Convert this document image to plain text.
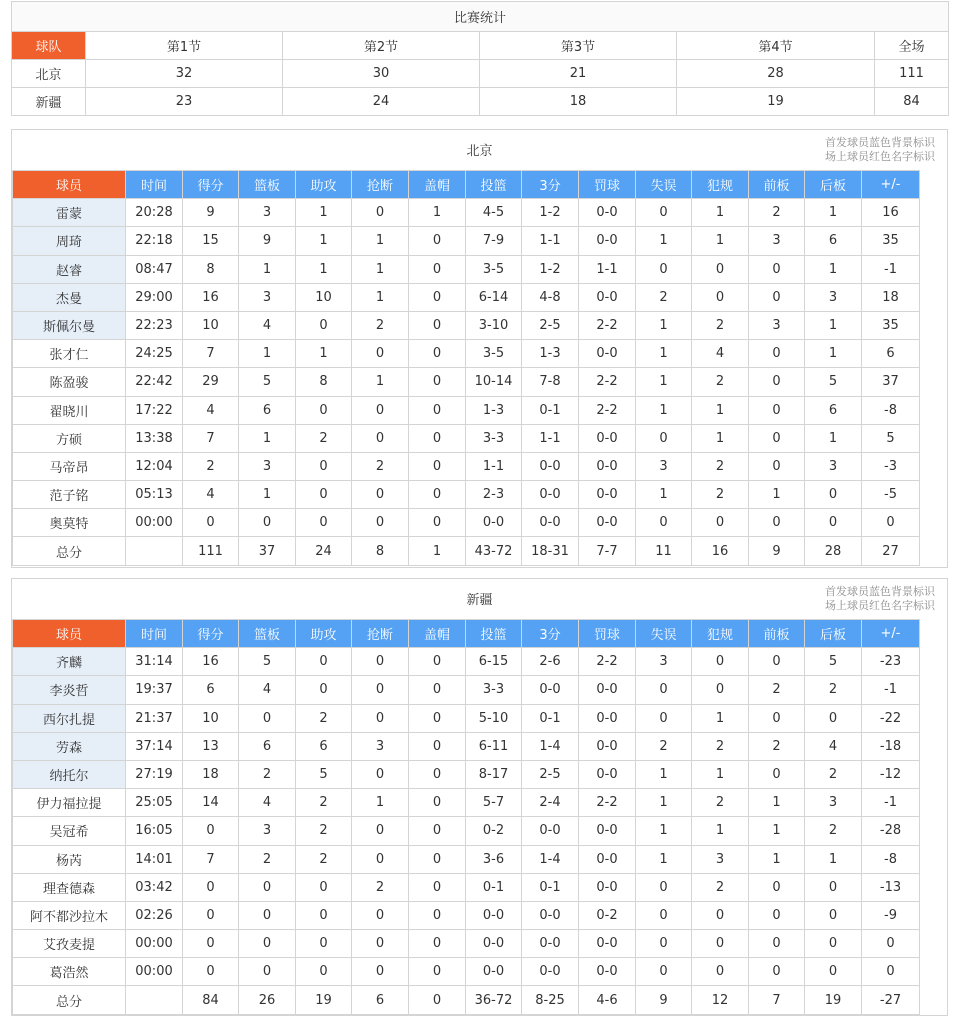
比赛统计					
球队	第1节	第2节	第3节	第4节	全场
北京	32	30	21	28	111
新疆	23	24	18	19	84
北京
首发球员蓝色背景标识
场上球员红色名字标识
球员	时间	得分	篮板	助攻	抢断	盖帽	投篮	3分	罚球	失误	犯规	前板	后板	+/-
雷蒙	20:28	9	3	1	0	1	4-5	1-2	0-0	0	1	2	1	16
周琦	22:18	15	9	1	1	0	7-9	1-1	0-0	1	1	3	6	35
赵睿	08:47	8	1	1	1	0	3-5	1-2	1-1	0	0	0	1	-1
杰曼	29:00	16	3	10	1	0	6-14	4-8	0-0	2	0	0	3	18
斯佩尔曼	22:23	10	4	0	2	0	3-10	2-5	2-2	1	2	3	1	35
张才仁	24:25	7	1	1	0	0	3-5	1-3	0-0	1	4	0	1	6
陈盈骏	22:42	29	5	8	1	0	10-14	7-8	2-2	1	2	0	5	37
翟晓川	17:22	4	6	0	0	0	1-3	0-1	2-2	1	1	0	6	-8
方硕	13:38	7	1	2	0	0	3-3	1-1	0-0	0	1	0	1	5
马帝昂	12:04	2	3	0	2	0	1-1	0-0	0-0	3	2	0	3	-3
范子铭	05:13	4	1	0	0	0	2-3	0-0	0-0	1	2	1	0	-5
奥莫特	00:00	0	0	0	0	0	0-0	0-0	0-0	0	0	0	0	0
总分		111	37	24	8	1	43-72	18-31	7-7	11	16	9	28	27
新疆
首发球员蓝色背景标识
场上球员红色名字标识
球员	时间	得分	篮板	助攻	抢断	盖帽	投篮	3分	罚球	失误	犯规	前板	后板	+/-
齐麟	31:14	16	5	0	0	0	6-15	2-6	2-2	3	0	0	5	-23
李炎哲	19:37	6	4	0	0	0	3-3	0-0	0-0	0	0	2	2	-1
西尔扎提	21:37	10	0	2	0	0	5-10	0-1	0-0	0	1	0	0	-22
劳森	37:14	13	6	6	3	0	6-11	1-4	0-0	2	2	2	4	-18
纳托尔	27:19	18	2	5	0	0	8-17	2-5	0-0	1	1	0	2	-12
伊力福拉提	25:05	14	4	2	1	0	5-7	2-4	2-2	1	2	1	3	-1
吴冠希	16:05	0	3	2	0	0	0-2	0-0	0-0	1	1	1	2	-28
杨芮	14:01	7	2	2	0	0	3-6	1-4	0-0	1	3	1	1	-8
理查德森	03:42	0	0	0	2	0	0-1	0-1	0-0	0	2	0	0	-13
阿不都沙拉木	02:26	0	0	0	0	0	0-0	0-0	0-2	0	0	0	0	-9
艾孜麦提	00:00	0	0	0	0	0	0-0	0-0	0-0	0	0	0	0	0
葛浩然	00:00	0	0	0	0	0	0-0	0-0	0-0	0	0	0	0	0
总分		84	26	19	6	0	36-72	8-25	4-6	9	12	7	19	-27
